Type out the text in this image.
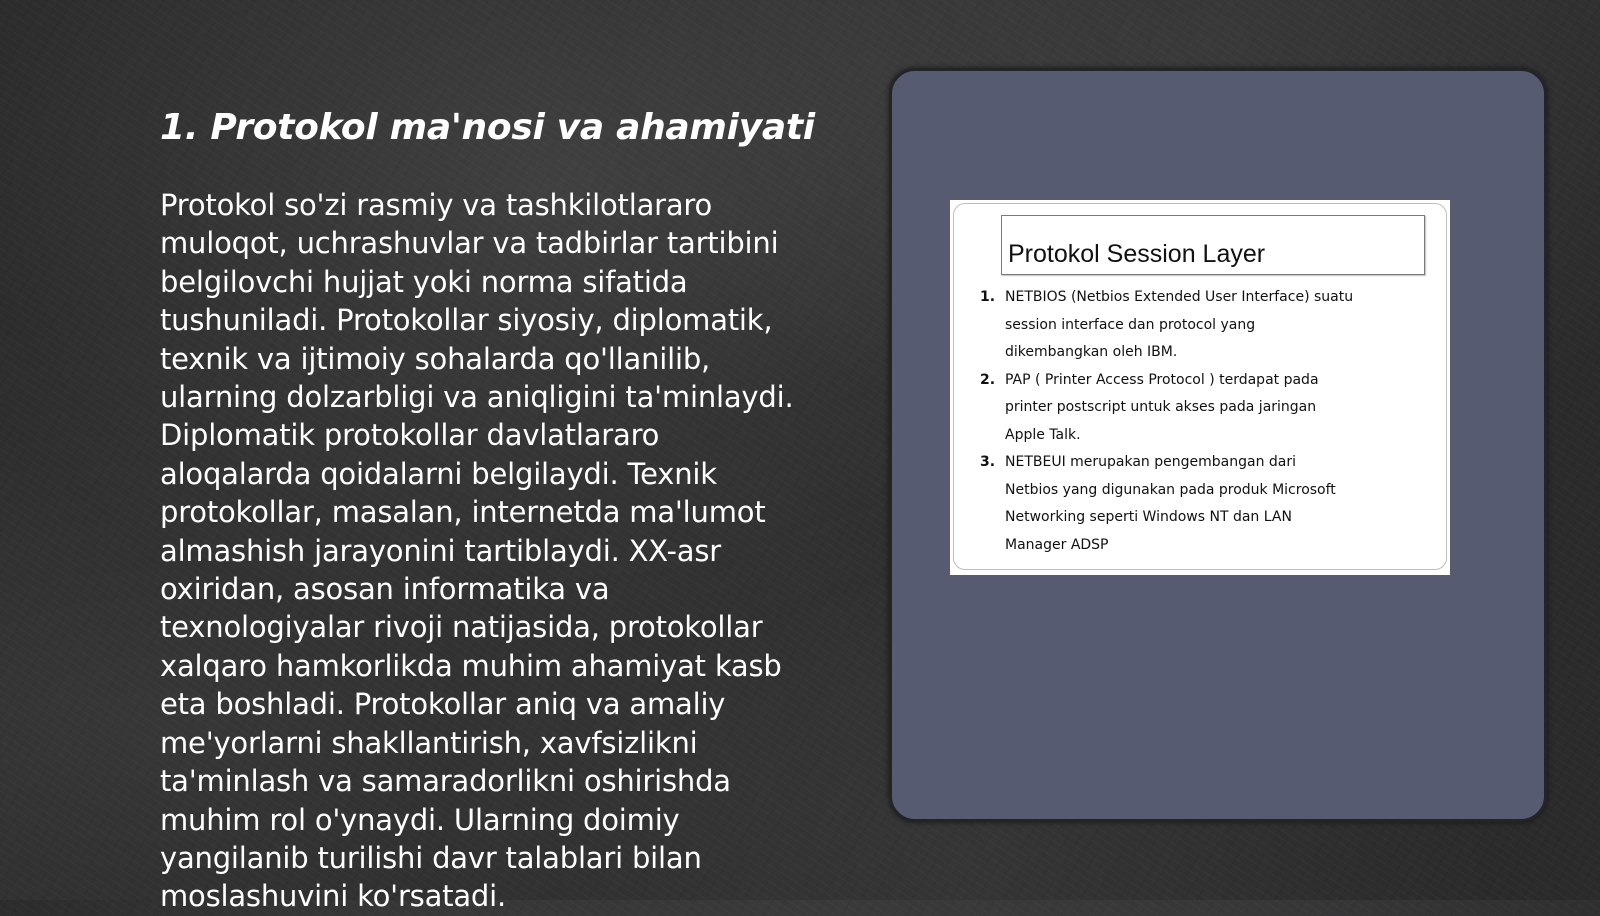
1. Protokol ma'nosi va ahamiyati

Protokol so'zi rasmiy va tashkilotlararo
muloqot, uchrashuvlar va tadbirlar tartibini
belgilovchi hujjat yoki norma sifatida
tushuniladi. Protokollar siyosiy, diplomatik,
texnik va ijtimoiy sohalarda qo'llanilib,
ularning dolzarbligi va aniqligini ta'minlaydi.
Diplomatik protokollar davlatlararo
aloqalarda qoidalarni belgilaydi. Texnik
protokollar, masalan, internetda ma'lumot
almashish jarayonini tartiblaydi. XX-asr
oxiridan, asosan informatika va
texnologiyalar rivoji natijasida, protokollar
xalqaro hamkorlikda muhim ahamiyat kasb
eta boshladi. Protokollar aniq va amaliy
me'yorlarni shakllantirish, xavfsizlikni
ta'minlash va samaradorlikni oshirishda
muhim rol o'ynaydi. Ularning doimiy
yangilanib turilishi davr talablari bilan
moslashuvini ko'rsatadi.

Protokol Session Layer
1. NETBIOS (Netbios Extended User Interface) suatu
session interface dan protocol yang
dikembangkan oleh IBM.
2. PAP ( Printer Access Protocol ) terdapat pada
printer postscript untuk akses pada jaringan
Apple Talk.
3. NETBEUI merupakan pengembangan dari
Netbios yang digunakan pada produk Microsoft
Networking seperti Windows NT dan LAN
Manager ADSP
